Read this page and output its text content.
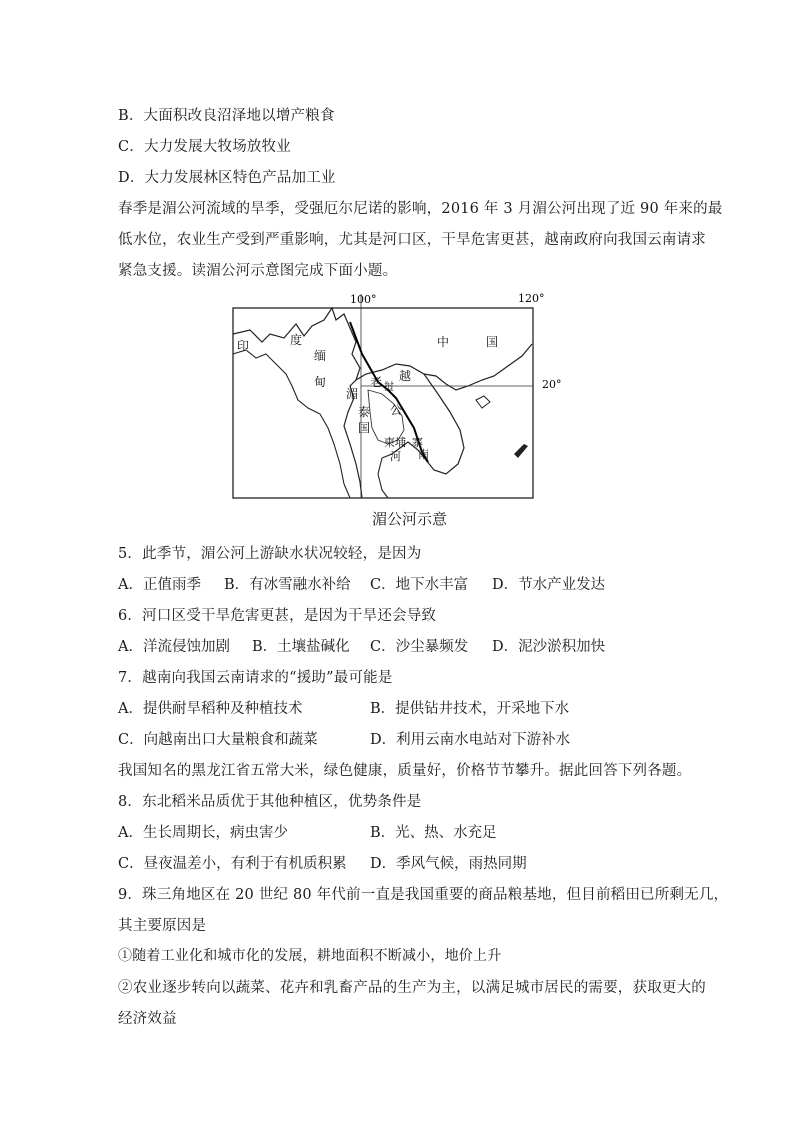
B．大面积改良沼泽地以增产粮食
C．大力发展大牧场放牧业
D．大力发展林区特色产品加工业
春季是湄公河流域的旱季，受强厄尔尼诺的影响，2016 年 3 月湄公河出现了近 90 年来的最
低水位，农业生产受到严重影响，尤其是河口区，干旱危害更甚，越南政府向我国云南请求
紧急支援。读湄公河示意图完成下面小题。
100°	120°
20°
印	度
缅
甸
中	国
老 挝
越
湄
公
泰
国
柬埔 寨
河 南
湄公河示意
5．此季节，湄公河上游缺水状况较轻，是因为
A．正值雨季 B．有冰雪融水补给 C．地下水丰富 D．节水产业发达
6．河口区受干旱危害更甚，是因为干旱还会导致
A．洋流侵蚀加剧 B．土壤盐碱化 C．沙尘暴频发 D．泥沙淤积加快
7．越南向我国云南请求的“援助”最可能是
A．提供耐旱稻种及种植技术	B．提供钻井技术，开采地下水
C．向越南出口大量粮食和蔬菜	D．利用云南水电站对下游补水
我国知名的黑龙江省五常大米，绿色健康，质量好，价格节节攀升。据此回答下列各题。
8．东北稻米品质优于其他种植区，优势条件是
A．生长周期长，病虫害少	B．光、热、水充足
C．昼夜温差小，有利于有机质积累 D．季风气候，雨热同期
9．珠三角地区在 20 世纪 80 年代前一直是我国重要的商品粮基地，但目前稻田已所剩无几，
其主要原因是
①随着工业化和城市化的发展，耕地面积不断减小，地价上升
②农业逐步转向以蔬菜、花卉和乳畜产品的生产为主，以满足城市居民的需要，获取更大的
经济效益
